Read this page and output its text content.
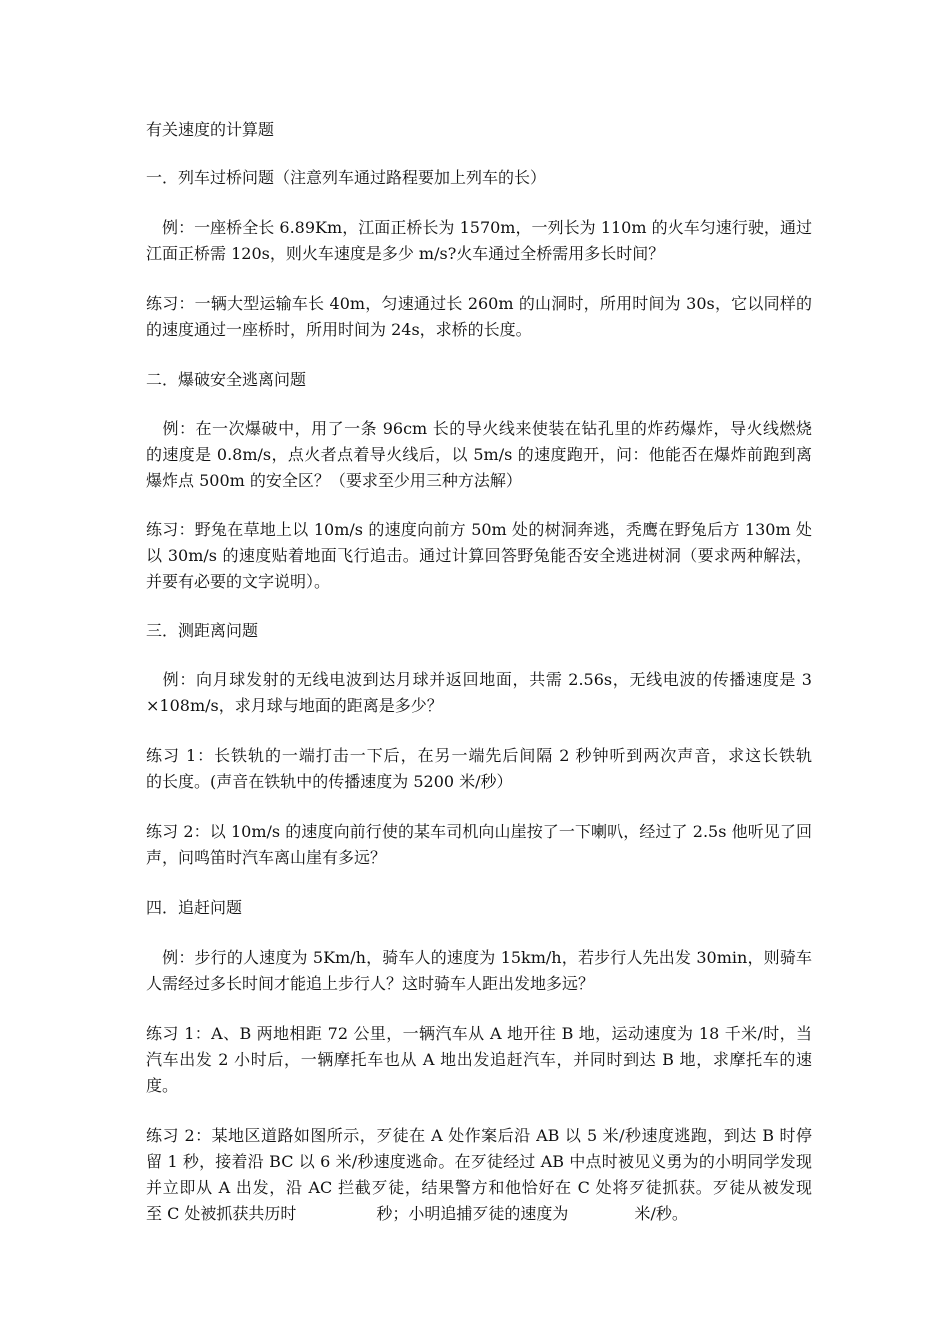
有关速度的计算题
一．列车过桥问题（注意列车通过路程要加上列车的长）
　例：一座桥全长 6.89Km，江面正桥长为 1570m，一列长为 110m 的火车匀速行驶，通过
江面正桥需 120s，则火车速度是多少 m/s?火车通过全桥需用多长时间？
练习：一辆大型运输车长 40m，匀速通过长 260m 的山洞时，所用时间为 30s，它以同样的
的速度通过一座桥时，所用时间为 24s，求桥的长度。
二．爆破安全逃离问题
　例：在一次爆破中，用了一条 96cm 长的导火线来使装在钻孔里的炸药爆炸，导火线燃烧
的速度是 0.8m/s，点火者点着导火线后，以 5m/s 的速度跑开，问：他能否在爆炸前跑到离
爆炸点 500m 的安全区？（要求至少用三种方法解）
练习：野兔在草地上以 10m/s 的速度向前方 50m 处的树洞奔逃，秃鹰在野兔后方 130m 处
以 30m/s 的速度贴着地面飞行追击。通过计算回答野兔能否安全逃进树洞（要求两种解法，
并要有必要的文字说明）。
三．测距离问题
　例：向月球发射的无线电波到达月球并返回地面，共需 2.56s，无线电波的传播速度是 3
×108m/s，求月球与地面的距离是多少？
练习 1：长铁轨的一端打击一下后，在另一端先后间隔 2 秒钟听到两次声音，求这长铁轨
的长度。(声音在铁轨中的传播速度为 5200 米/秒）
练习 2：以 10m/s 的速度向前行使的某车司机向山崖按了一下喇叭，经过了 2.5s 他听见了回
声，问鸣笛时汽车离山崖有多远？
四．追赶问题
　例：步行的人速度为 5Km/h，骑车人的速度为 15km/h，若步行人先出发 30min，则骑车
人需经过多长时间才能追上步行人？这时骑车人距出发地多远？
练习 1：A、B 两地相距 72 公里，一辆汽车从 A 地开往 B 地，运动速度为 18 千米/时，当
汽车出发 2 小时后，一辆摩托车也从 A 地出发追赶汽车，并同时到达 B 地，求摩托车的速
度。
练习 2：某地区道路如图所示，歹徒在 A 处作案后沿 AB 以 5 米/秒速度逃跑，到达 B 时停
留 1 秒，接着沿 BC 以 6 米/秒速度逃命。在歹徒经过 AB 中点时被见义勇为的小明同学发现
并立即从 A 出发，沿 AC 拦截歹徒，结果警方和他恰好在 C 处将歹徒抓获。歹徒从被发现
至 C 处被抓获共历时	秒；小明追捕歹徒的速度为	米/秒。
